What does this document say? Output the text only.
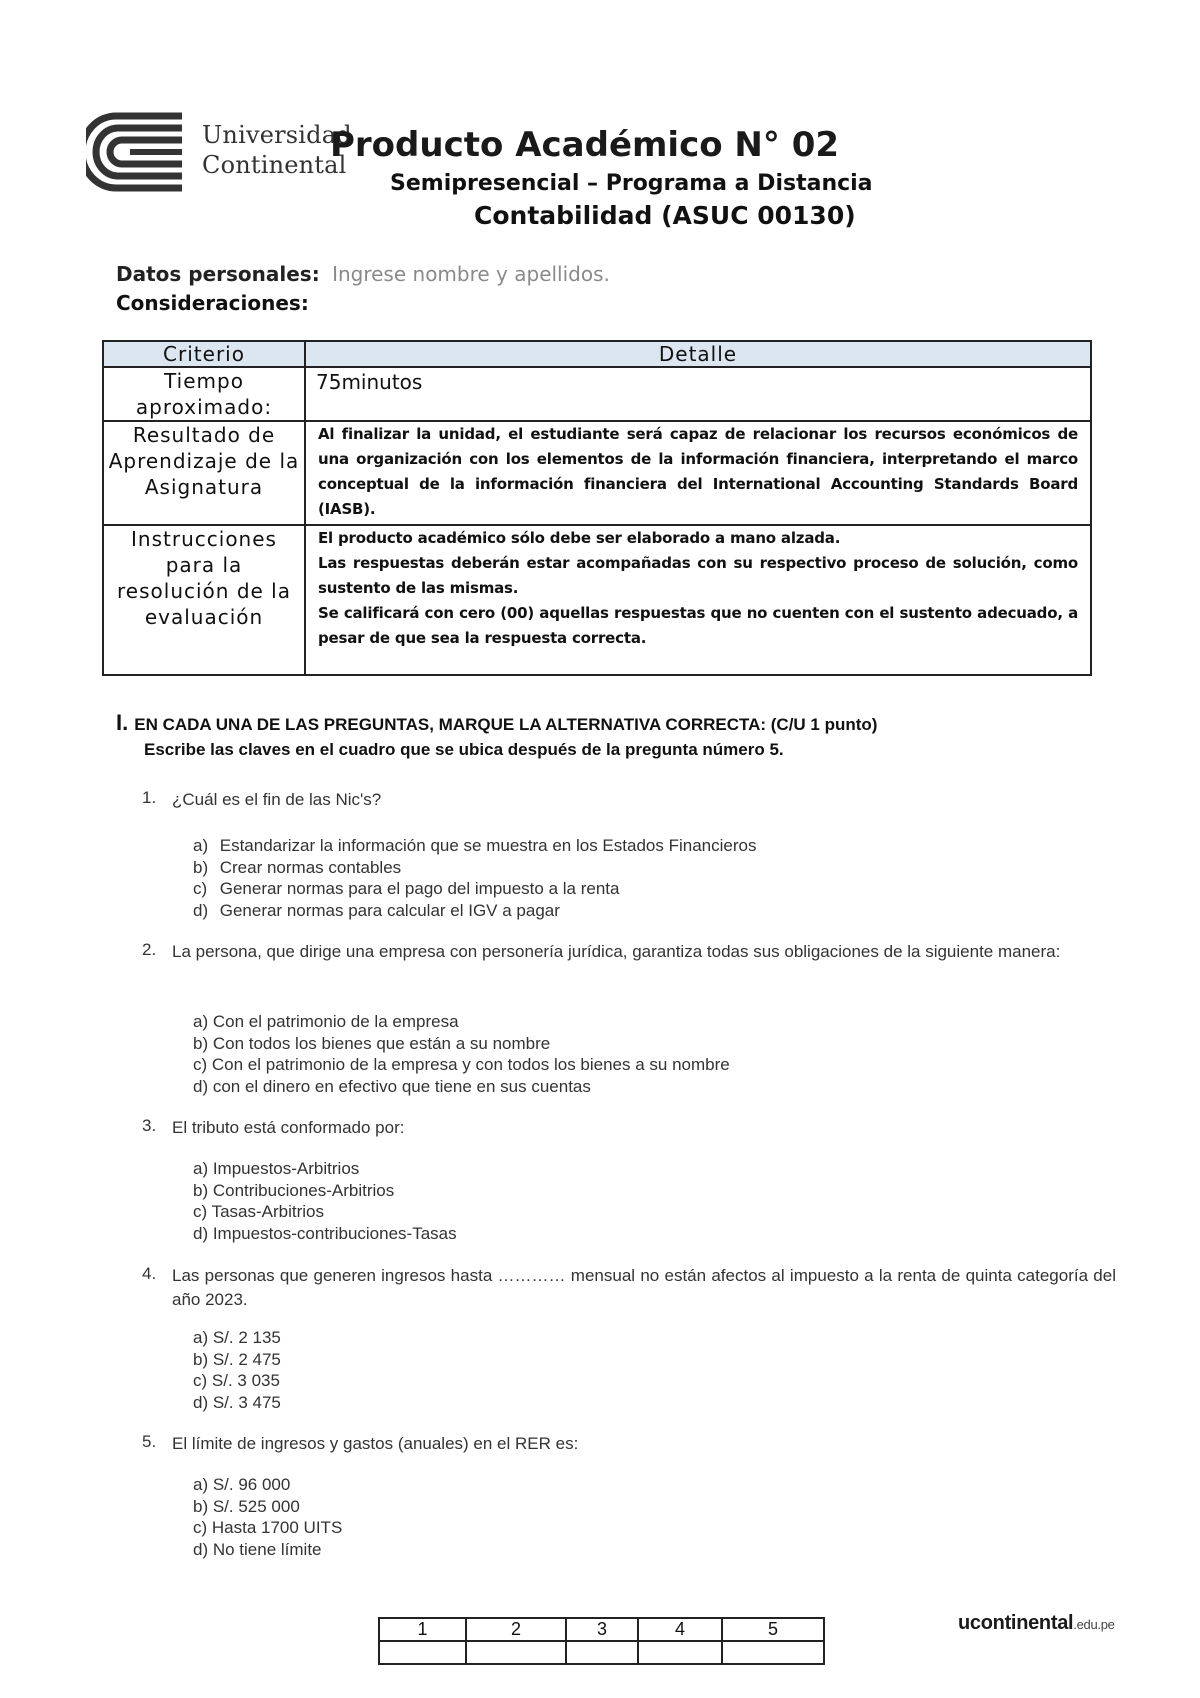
Universidad
Continental
Producto Académico N° 02
Semipresencial – Programa a Distancia
Contabilidad (ASUC 00130)
Datos personales: Ingrese nombre y apellidos.
Consideraciones:
Criterio	Detalle
Tiempo aproximado:	75minutos
Resultado de Aprendizaje de la Asignatura	Al finalizar la unidad, el estudiante será capaz de relacionar los recursos económicos de una organización con los elementos de la información financiera, interpretando el marco conceptual de la información financiera del International Accounting Standards Board (IASB).

Instrucciones para la resolución de la evaluación	El producto académico sólo debe ser elaborado a mano alzada.

Las respuestas deberán estar acompañadas con su respectivo proceso de solución, como sustento de las mismas.

Se calificará con cero (00) aquellas respuestas que no cuenten con el sustento adecuado, a pesar de que sea la respuesta correcta.

I. EN CADA UNA DE LAS PREGUNTAS, MARQUE LA ALTERNATIVA CORRECTA: (C/U 1 punto)
Escribe las claves en el cuadro que se ubica después de la pregunta número 5.
1. ¿Cuál es el fin de las Nic's?
a) Estandarizar la información que se muestra en los Estados Financieros
b) Crear normas contables
c) Generar normas para el pago del impuesto a la renta
d) Generar normas para calcular el IGV a pagar
2. La persona, que dirige una empresa con personería jurídica, garantiza todas sus obligaciones de la siguiente manera:
a) Con el patrimonio de la empresa
b) Con todos los bienes que están a su nombre
c) Con el patrimonio de la empresa y con todos los bienes a su nombre
d) con el dinero en efectivo que tiene en sus cuentas
3. El tributo está conformado por:
a) Impuestos-Arbitrios
b) Contribuciones-Arbitrios
c) Tasas-Arbitrios
d) Impuestos-contribuciones-Tasas
4. Las personas que generen ingresos hasta ………… mensual no están afectos al impuesto a la renta de quinta categoría del año 2023.
a) S/. 2 135
b) S/. 2 475
c) S/. 3 035
d) S/. 3 475
5. El límite de ingresos y gastos (anuales) en el RER es:
a) S/. 96 000
b) S/. 525 000
c) Hasta 1700 UITS
d) No tiene límite
1	2	3	4	5
					ucontinental.edu.pe
